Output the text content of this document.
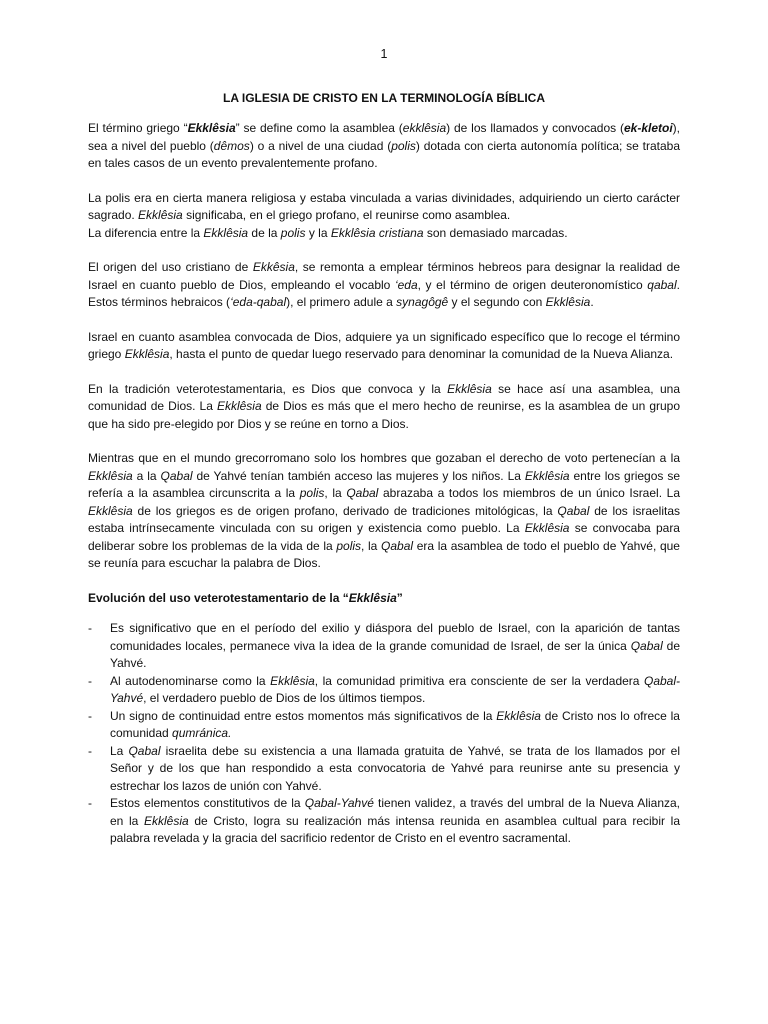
1
LA IGLESIA DE CRISTO EN LA TERMINOLOGÍA BÍBLICA
El término griego “Ekklêsia” se define como la asamblea (ekklêsia) de los llamados y convocados (ek-kletoi), sea a nivel del pueblo (dêmos) o a nivel de una ciudad (polis) dotada con cierta autonomía política; se trataba en tales casos de un evento prevalentemente profano.
La polis era en cierta manera religiosa y estaba vinculada a varias divinidades, adquiriendo un cierto carácter sagrado. Ekklêsia significaba, en el griego profano, el reunirse como asamblea.
La diferencia entre la Ekklêsia de la polis y la Ekklêsia cristiana son demasiado marcadas.
El origen del uso cristiano de Ekkêsia, se remonta a emplear términos hebreos para designar la realidad de Israel en cuanto pueblo de Dios, empleando el vocablo ‘eda, y el término de origen deuteronomístico qabal. Estos términos hebraicos (‘eda-qabal), el primero adule a synagôgê y el segundo con Ekklêsia.
Israel en cuanto asamblea convocada de Dios, adquiere ya un significado específico que lo recoge el término griego Ekklêsia, hasta el punto de quedar luego reservado para denominar la comunidad de la Nueva Alianza.
En la tradición veterotestamentaria, es Dios que convoca y la Ekklêsia se hace así una asamblea, una comunidad de Dios. La Ekklêsia de Dios es más que el mero hecho de reunirse, es la asamblea de un grupo que ha sido pre-elegido por Dios y se reúne en torno a Dios.
Mientras que en el mundo grecorromano solo los hombres que gozaban el derecho de voto pertenecían a la Ekklêsia a la Qabal de Yahvé tenían también acceso las mujeres y los niños. La Ekklêsia entre los griegos se refería a la asamblea circunscrita a la polis, la Qabal abrazaba a todos los miembros de un único Israel. La Ekklêsia de los griegos es de origen profano, derivado de tradiciones mitológicas, la Qabal de los israelitas estaba intrínsecamente vinculada con su origen y existencia como pueblo. La Ekklêsia se convocaba para deliberar sobre los problemas de la vida de la polis, la Qabal era la asamblea de todo el pueblo de Yahvé, que se reunía para escuchar la palabra de Dios.
Evolución del uso veterotestamentario de la “Ekklêsia”
- Es significativo que en el período del exilio y diáspora del pueblo de Israel, con la aparición de tantas comunidades locales, permanece viva la idea de la grande comunidad de Israel, de ser la única Qabal de Yahvé.
- Al autodenominarse como la Ekklêsia, la comunidad primitiva era consciente de ser la verdadera Qabal-Yahvé, el verdadero pueblo de Dios de los últimos tiempos.
- Un signo de continuidad entre estos momentos más significativos de la Ekklêsia de Cristo nos lo ofrece la comunidad qumránica.
- La Qabal israelita debe su existencia a una llamada gratuita de Yahvé, se trata de los llamados por el Señor y de los que han respondido a esta convocatoria de Yahvé para reunirse ante su presencia y estrechar los lazos de unión con Yahvé.
- Estos elementos constitutivos de la Qabal-Yahvé tienen validez, a través del umbral de la Nueva Alianza, en la Ekklêsia de Cristo, logra su realización más intensa reunida en asamblea cultual para recibir la palabra revelada y la gracia del sacrificio redentor de Cristo en el eventro sacramental.
